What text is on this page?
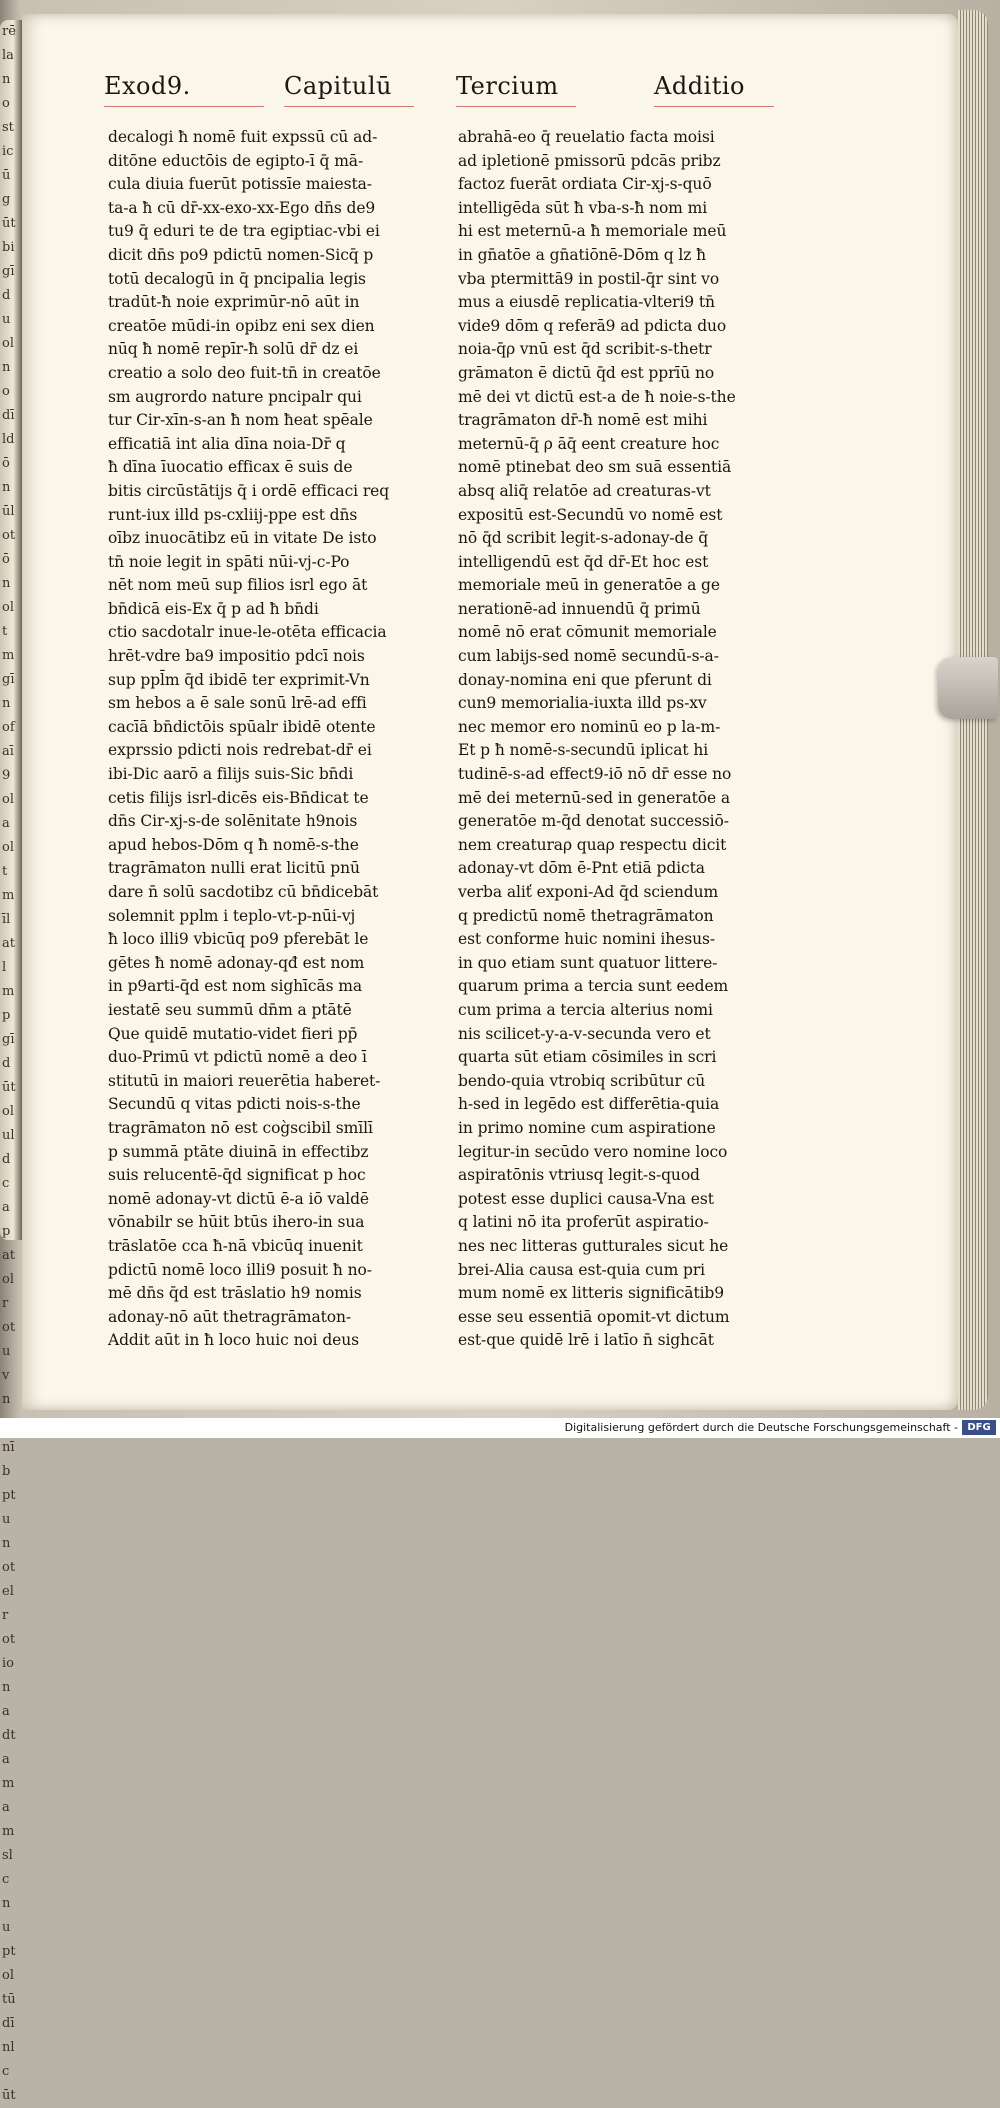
rēlanosticūgūtbigīduolnodīldōnūlotōnoltmgīnofaī9olaoltmīlatlmpgīdūtoluldcapatolrotuvn nībptunotelrotionadtamamslcnuptoltūdīnlcūt
Exod9.	Capitulū	Tercium	Additio
decalogi ħ nomē fuit expssū cū ad-
ditōne eductōis de egipto-ī q̄ mā-
cula diuia fuerūt potissīe maiesta-
ta-a ħ cū dr̄-xx-exo-xx-Ego dn̄s de9
tu9 q̄ eduri te de tra egiptiac-vbi ei
dicit dn̄s po9 pdictū nomen-Sicq̄ p
totū decalogū in q̄ pncipalia legis
tradūt-ħ noie exprimūr-nō aūt in
creatōe mūdi-in opibz eni sex dien
nūq ħ nomē repīr-ħ solū dr̄ dz ei
creatio a solo deo fuit-tn̄ in creatōe
sm augrordo nature pncipalr qui
tur Cir-xīn-s-an ħ nom ħeat spēale
efficatiā int alia dīna noia-Dr̄ q
ħ dīna īuocatio efficax ē suis de
bitis circūstātijs q̄ i ordē efficaci req
runt-iux illd ps-cxliij-ppe est dn̄s
oībz inuocātibz eū in vitate De isto
tn̄ noie legit in spāti nūi-vj-c-Po
nēt nom meū sup filios isrl ego āt
bn̄dicā eis-Ex q̄ p ad ħ bn̄di
ctio sacdotalr inue-le-otēta efficacia
hrēt-vdre ba9 impositio pdcī nois
sup ppl̄m q̄d ibidē ter exprimit-Vn
sm hebos a ē sale sonū lrē-ad effi
cacīā bn̄dictōis spūalr ibidē otente
exprssio pdicti nois redrebat-dr̄ ei
ibi-Dic aarō a filijs suis-Sic bn̄di
cetis filijs isrl-dicēs eis-Bn̄dicat te
dn̄s Cir-xj-s-de solēnitate h9nois
apud hebos-Dōm q ħ nomē-s-the
tragrāmaton nulli erat licitū pnū
dare n̄ solū sacdotibz cū bn̄dicebāt
solemnit pplm i teplo-vt-p-nūi-vj
ħ loco illi9 vbicūq po9 pferebāt le
gētes ħ nomē adonay-qđ est nom
in p9arti-q̄d est nom sighīcās ma
iestatē seu summū dn̄m a ptātē
Que quidē mutatio-videt fieri pp̄
duo-Primū vt pdictū nomē a deo ī
stitutū in maiori reuerētia haberet-
Secundū q vitas pdicti nois-s-the
tragrāmaton nō est cog̀scibil smīlī
p summā ptāte diuinā in effectibz
suis relucentē-q̄d significat p hoc
nomē adonay-vt dictū ē-a iō valdē
vōnabilr se hūit btūs ihero-in sua
trāslatōe cca ħ-nā vbicūq inuenit
pdictū nomē loco illi9 posuit ħ no-
mē dn̄s q̄d est trāslatio h9 nomis
adonay-nō aūt thetragrāmaton-
Addit aūt in ħ loco huic noi deus
abrahā-eo q̄ reuelatio facta moisi
ad ipletionē pmissorū pdcās pribz
factoz fuerāt ordiata Cir-xj-s-quō
intelligēda sūt ħ vba-s-ħ nom mi
hi est meternū-a ħ memoriale meū
in gn̄atōe a gn̄atiōnē-Dōm q lz ħ
vba ptermittā9 in postil-q̄r sint vo
mus a eiusdē replicatia-vlteri9 tn̄
vide9 dōm q referā9 ad pdicta duo
noia-q̄ρ vnū est q̄d scribit-s-thetr
grāmaton ē dictū q̄d est pprīū no
mē dei vt dictū est-a de ħ noie-s-the
tragrāmaton dr̄-ħ nomē est mihi
meternū-q̄ ρ āq̄ eent creature hoc
nomē ptinebat deo sm suā essentiā
absq aliq̄ relatōe ad creaturas-vt
expositū est-Secundū vo nomē est
nō q̄d scribit legit-s-adonay-de q̄
intelligendū est q̄d dr̄-Et hoc est
memoriale meū in generatōe a ge
nerationē-ad innuendū q̄ primū
nomē nō erat cōmunit memoriale
cum labijs-sed nomē secundū-s-a-
donay-nomina eni que pferunt di
cun9 memorialia-iuxta illd ps-xv
nec memor ero nominū eo p la-m-
Et p ħ nomē-s-secundū iplicat hi
tudinē-s-ad effect9-iō nō dr̄ esse no
mē dei meternū-sed in generatōe a
generatōe m-q̄d denotat successiō-
nem creaturaρ quaρ respectu dicit
adonay-vt dōm ē-Pnt etiā pdicta
verba aliť exponi-Ad q̄d sciendum
q predictū nomē thetragrāmaton
est conforme huic nomini ihesus-
in quo etiam sunt quatuor littere-
quarum prima a tercia sunt eedem
cum prima a tercia alterius nomi
nis scilicet-y-a-v-secunda vero et
quarta sūt etiam cōsimiles in scri
bendo-quia vtrobiq scribūtur cū
h-sed in legēdo est differētia-quia
in primo nomine cum aspiratione
legitur-in secūdo vero nomine loco
aspiratōnis vtriusq legit-s-quod
potest esse duplici causa-Vna est
q latini nō ita proferūt aspiratio-
nes nec litteras gutturales sicut he
brei-Alia causa est-quia cum pri
mum nomē ex litteris significātib9
esse seu essentiā opomit-vt dictum
est-que quidē lrē i latīo n̄ sighcāt
Digitalisierung gefördert durch die Deutsche Forschungsgemeinschaft - DFG
